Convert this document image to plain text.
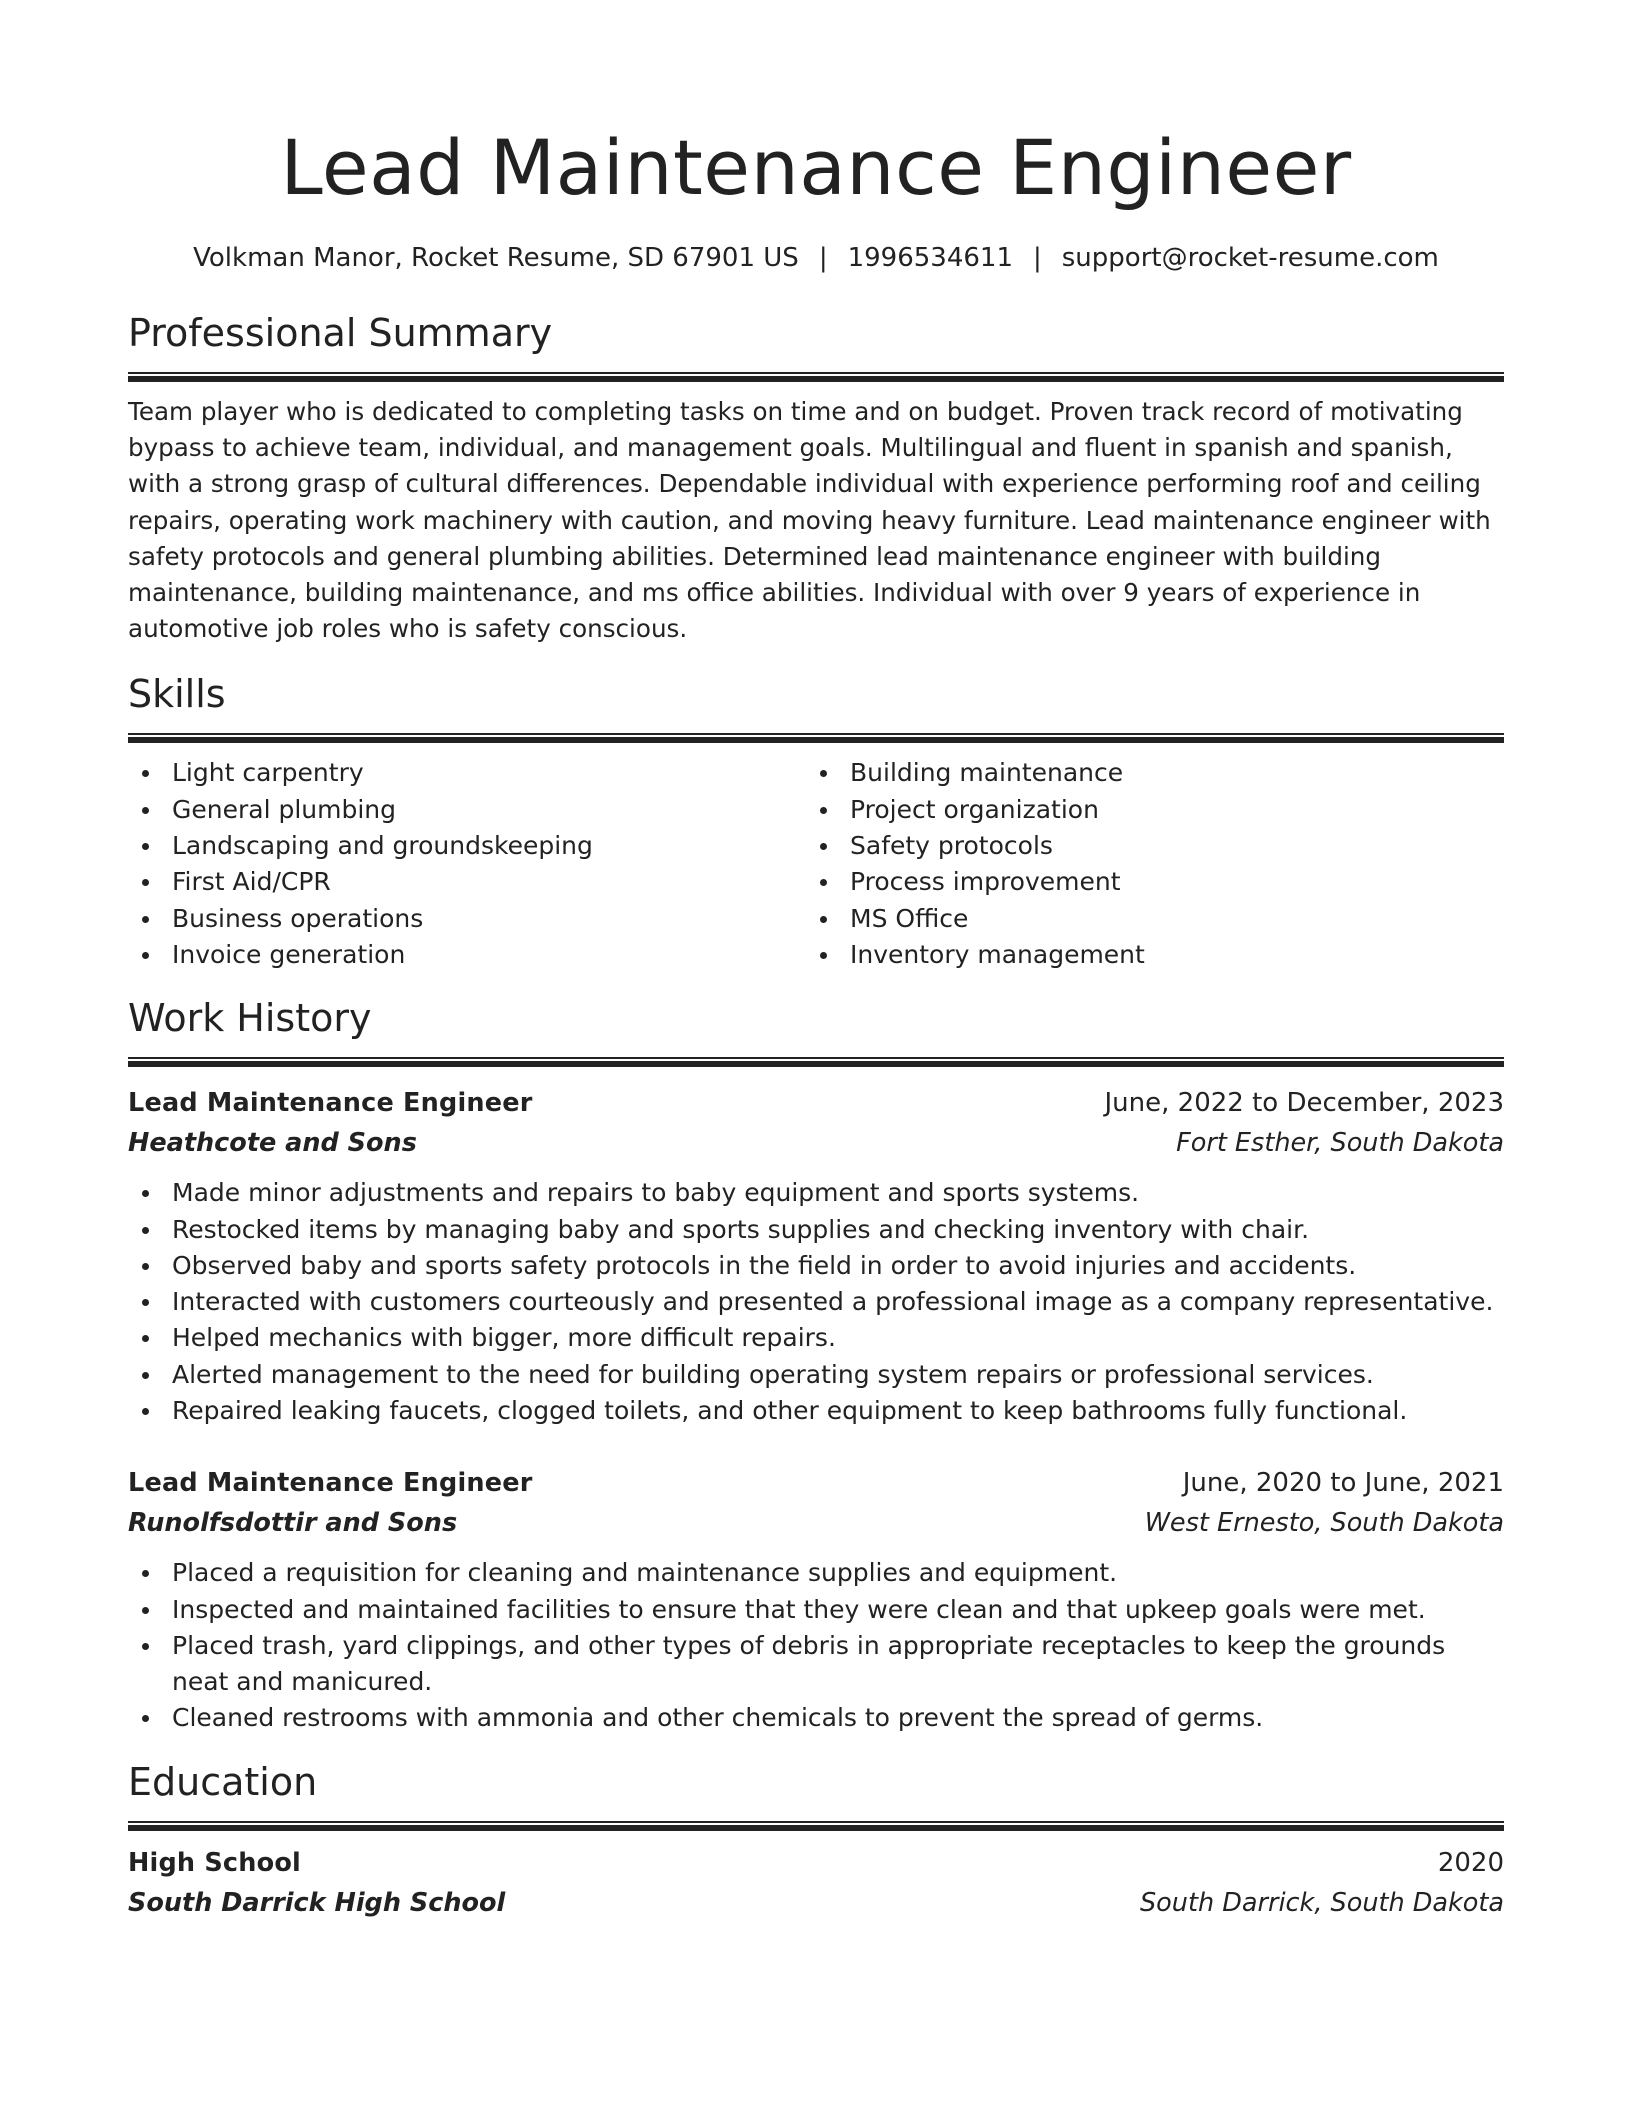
Lead Maintenance Engineer
Volkman Manor, Rocket Resume, SD 67901 US | 1996534611 | support@rocket-resume.com
Professional Summary

Team player who is dedicated to completing tasks on time and on budget. Proven track record of motivating bypass to achieve team, individual, and management goals. Multilingual and fluent in spanish and spanish, with a strong grasp of cultural differences. Dependable individual with experience performing roof and ceiling repairs, operating work machinery with caution, and moving heavy furniture. Lead maintenance engineer with safety protocols and general plumbing abilities. Determined lead maintenance engineer with building maintenance, building maintenance, and ms office abilities. Individual with over 9 years of experience in automotive job roles who is safety conscious.

Skills
Light carpentry
General plumbing
Landscaping and groundskeeping
First Aid/CPR
Business operations
Invoice generation
Building maintenance
Project organization
Safety protocols
Process improvement
MS Office
Inventory management
Work History
Lead Maintenance Engineer	June, 2022 to December, 2023
Heathcote and Sons	Fort Esther, South Dakota
Made minor adjustments and repairs to baby equipment and sports systems.
Restocked items by managing baby and sports supplies and checking inventory with chair.
Observed baby and sports safety protocols in the field in order to avoid injuries and accidents.
Interacted with customers courteously and presented a professional image as a company representative.
Helped mechanics with bigger, more difficult repairs.
Alerted management to the need for building operating system repairs or professional services.
Repaired leaking faucets, clogged toilets, and other equipment to keep bathrooms fully functional.
Lead Maintenance Engineer	June, 2020 to June, 2021
Runolfsdottir and Sons	West Ernesto, South Dakota
Placed a requisition for cleaning and maintenance supplies and equipment.
Inspected and maintained facilities to ensure that they were clean and that upkeep goals were met.
Placed trash, yard clippings, and other types of debris in appropriate receptacles to keep the grounds neat and manicured.
Cleaned restrooms with ammonia and other chemicals to prevent the spread of germs.
Education
High School	2020
South Darrick High School	South Darrick, South Dakota
